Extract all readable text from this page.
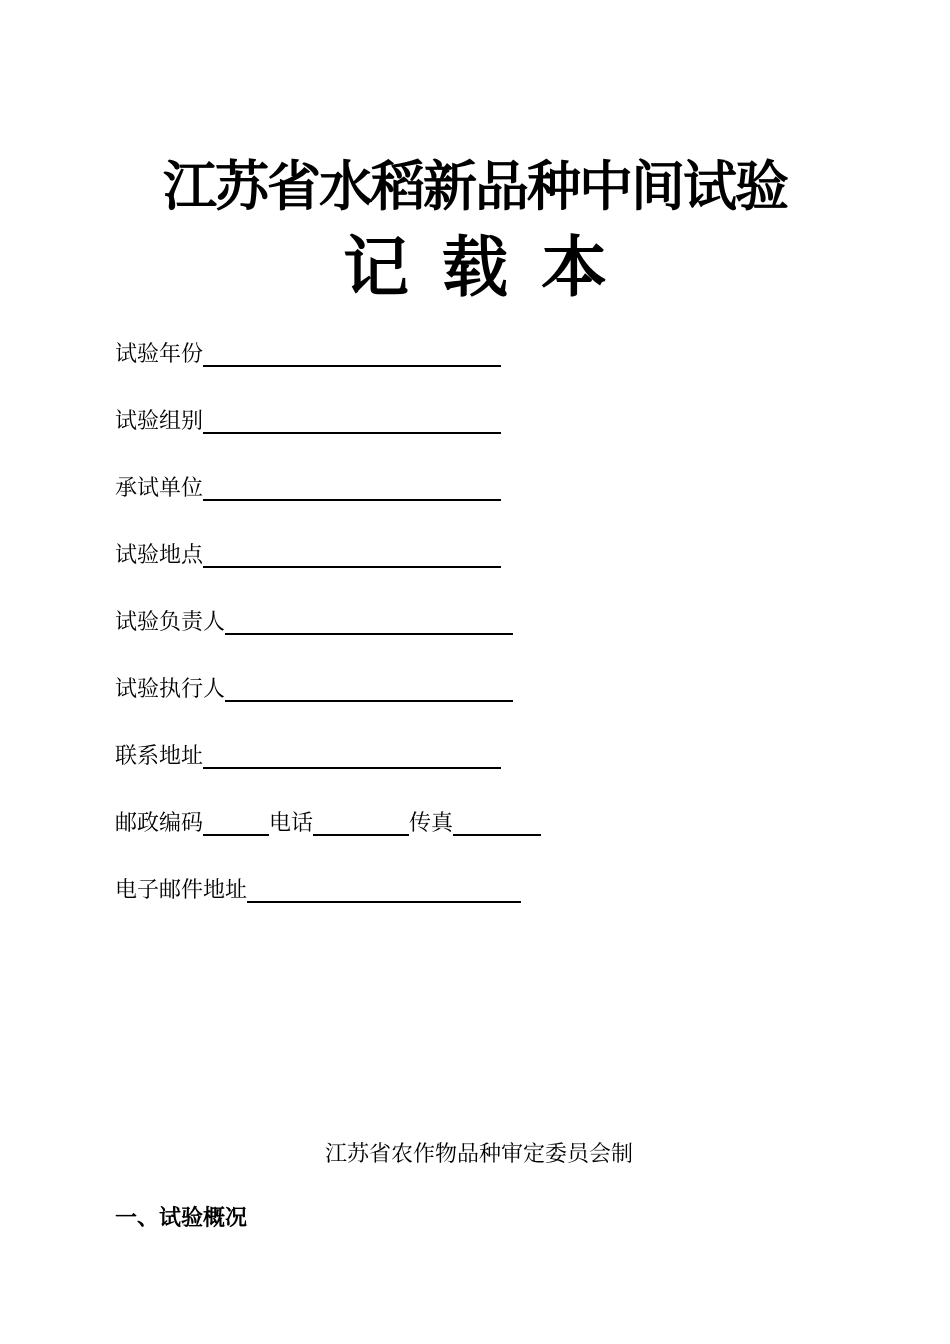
江苏省水稻新品种中间试验
记 载 本
试验年份
试验组别
承试单位
试验地点
试验负责人
试验执行人
联系地址
邮政编码	电话	传真
电子邮件地址
江苏省农作物品种审定委员会制
一、试验概况
